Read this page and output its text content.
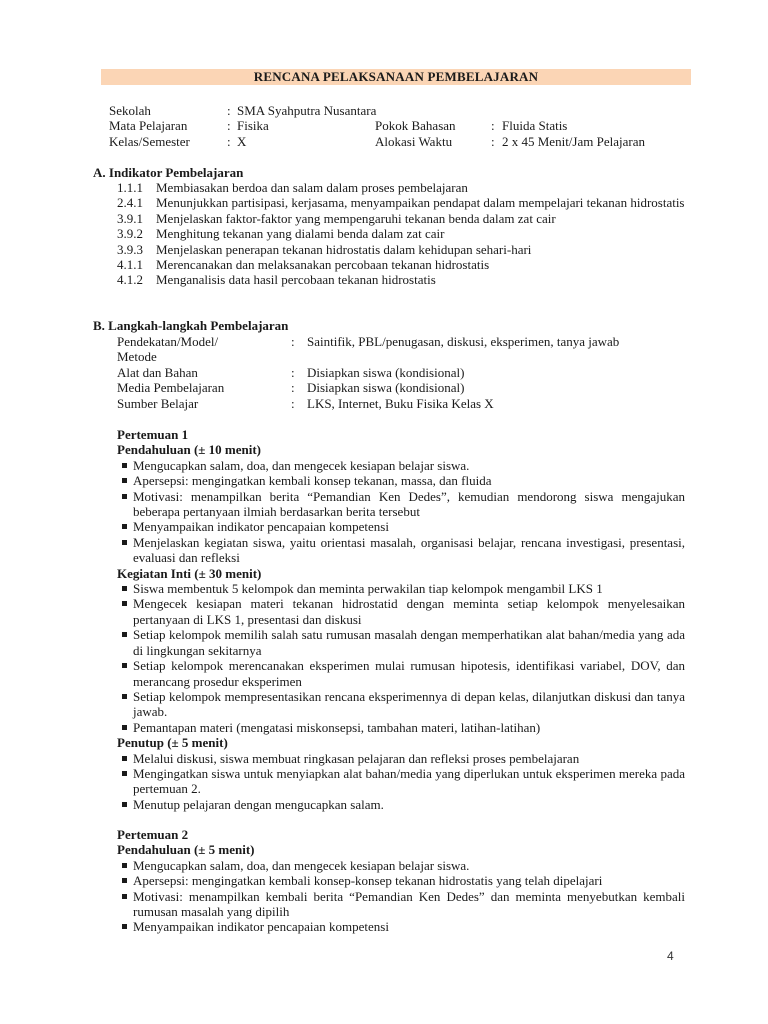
RENCANA PELAKSANAAN PEMBELAJARAN
Sekolah	: SMA Syahputra Nusantara
Mata Pelajaran	: Fisika	Pokok Bahasan	: Fluida Statis
Kelas/Semester	: X	Alokasi Waktu	: 2 x 45 Menit/Jam Pelajaran
A. Indikator Pembelajaran
1.1.1 Membiasakan berdoa dan salam dalam proses pembelajaran
2.4.1 Menunjukkan partisipasi, kerjasama, menyampaikan pendapat dalam mempelajari tekanan hidrostatis
3.9.1 Menjelaskan faktor-faktor yang mempengaruhi tekanan benda dalam zat cair
3.9.2 Menghitung tekanan yang dialami benda dalam zat cair
3.9.3 Menjelaskan penerapan tekanan hidrostatis dalam kehidupan sehari-hari
4.1.1 Merencanakan dan melaksanakan percobaan tekanan hidrostatis
4.1.2 Menganalisis data hasil percobaan tekanan hidrostatis
B. Langkah-langkah Pembelajaran
Pendekatan/Model/	: Saintifik, PBL/penugasan, diskusi, eksperimen, tanya jawab
Metode
Alat dan Bahan	: Disiapkan siswa (kondisional)
Media Pembelajaran	: Disiapkan siswa (kondisional)
Sumber Belajar	: LKS, Internet, Buku Fisika Kelas X
Pertemuan 1
Pendahuluan (± 10 menit)
Mengucapkan salam, doa, dan mengecek kesiapan belajar siswa.
Apersepsi: mengingatkan kembali konsep tekanan, massa, dan fluida
Motivasi: menampilkan berita “Pemandian Ken Dedes”, kemudian mendorong siswa mengajukan beberapa pertanyaan ilmiah berdasarkan berita tersebut
Menyampaikan indikator pencapaian kompetensi
Menjelaskan kegiatan siswa, yaitu orientasi masalah, organisasi belajar, rencana investigasi, presentasi, evaluasi dan refleksi
Kegiatan Inti (± 30 menit)
Siswa membentuk 5 kelompok dan meminta perwakilan tiap kelompok mengambil LKS 1
Mengecek kesiapan materi tekanan hidrostatid dengan meminta setiap kelompok menyelesaikan pertanyaan di LKS 1, presentasi dan diskusi
Setiap kelompok memilih salah satu rumusan masalah dengan memperhatikan alat bahan/media yang ada di lingkungan sekitarnya
Setiap kelompok merencanakan eksperimen mulai rumusan hipotesis, identifikasi variabel, DOV, dan merancang prosedur eksperimen
Setiap kelompok mempresentasikan rencana eksperimennya di depan kelas, dilanjutkan diskusi dan tanya jawab.
Pemantapan materi (mengatasi miskonsepsi, tambahan materi, latihan-latihan)
Penutup (± 5 menit)
Melalui diskusi, siswa membuat ringkasan pelajaran dan refleksi proses pembelajaran
Mengingatkan siswa untuk menyiapkan alat bahan/media yang diperlukan untuk eksperimen mereka pada pertemuan 2.
Menutup pelajaran dengan mengucapkan salam.
Pertemuan 2
Pendahuluan (± 5 menit)
Mengucapkan salam, doa, dan mengecek kesiapan belajar siswa.
Apersepsi: mengingatkan kembali konsep-konsep tekanan hidrostatis yang telah dipelajari
Motivasi: menampilkan kembali berita “Pemandian Ken Dedes” dan meminta menyebutkan kembali rumusan masalah yang dipilih
Menyampaikan indikator pencapaian kompetensi
4
